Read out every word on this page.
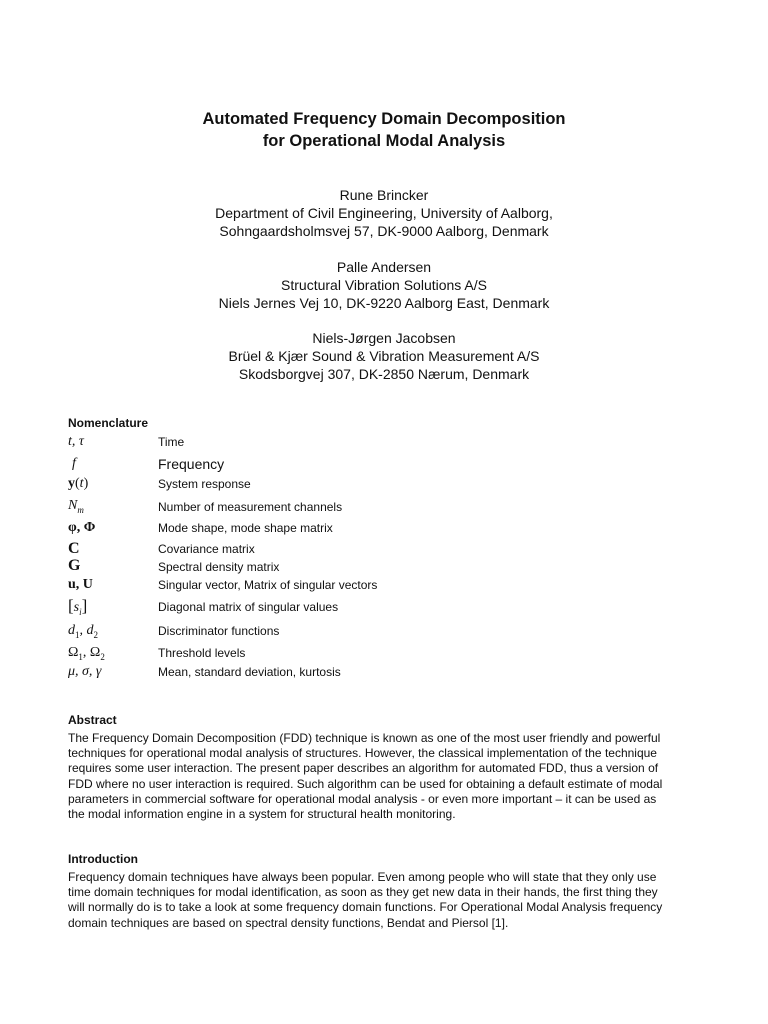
Automated Frequency Domain Decomposition
for Operational Modal Analysis
Rune Brincker
Department of Civil Engineering, University of Aalborg,
Sohngaardsholmsvej 57, DK-9000 Aalborg, Denmark
Palle Andersen
Structural Vibration Solutions A/S
Niels Jernes Vej 10, DK-9220 Aalborg East, Denmark
Niels-Jørgen Jacobsen
Brüel & Kjær Sound & Vibration Measurement A/S
Skodsborgvej 307, DK-2850 Nærum, Denmark
Nomenclature
t, τ	Time
f	Frequency
y(t)	System response
$N_m$	Number of measurement channels
φ, Φ	Mode shape, mode shape matrix
C	Covariance matrix
G	Spectral density matrix
u, U	Singular vector, Matrix of singular vectors
$[s_i]$	Diagonal matrix of singular values
$d_1$, $d_2$	Discriminator functions
$\Omega_1$, $\Omega_2$	Threshold levels
μ, σ, γ	Mean, standard deviation, kurtosis
Abstract
The Frequency Domain Decomposition (FDD) technique is known as one of the most user friendly and powerful
techniques for operational modal analysis of structures. However, the classical implementation of the technique
requires some user interaction. The present paper describes an algorithm for automated FDD, thus a version of
FDD where no user interaction is required. Such algorithm can be used for obtaining a default estimate of modal
parameters in commercial software for operational modal analysis - or even more important – it can be used as
the modal information engine in a system for structural health monitoring.
Introduction
Frequency domain techniques have always been popular. Even among people who will state that they only use
time domain techniques for modal identification, as soon as they get new data in their hands, the first thing they
will normally do is to take a look at some frequency domain functions. For Operational Modal Analysis frequency
domain techniques are based on spectral density functions, Bendat and Piersol [1].
